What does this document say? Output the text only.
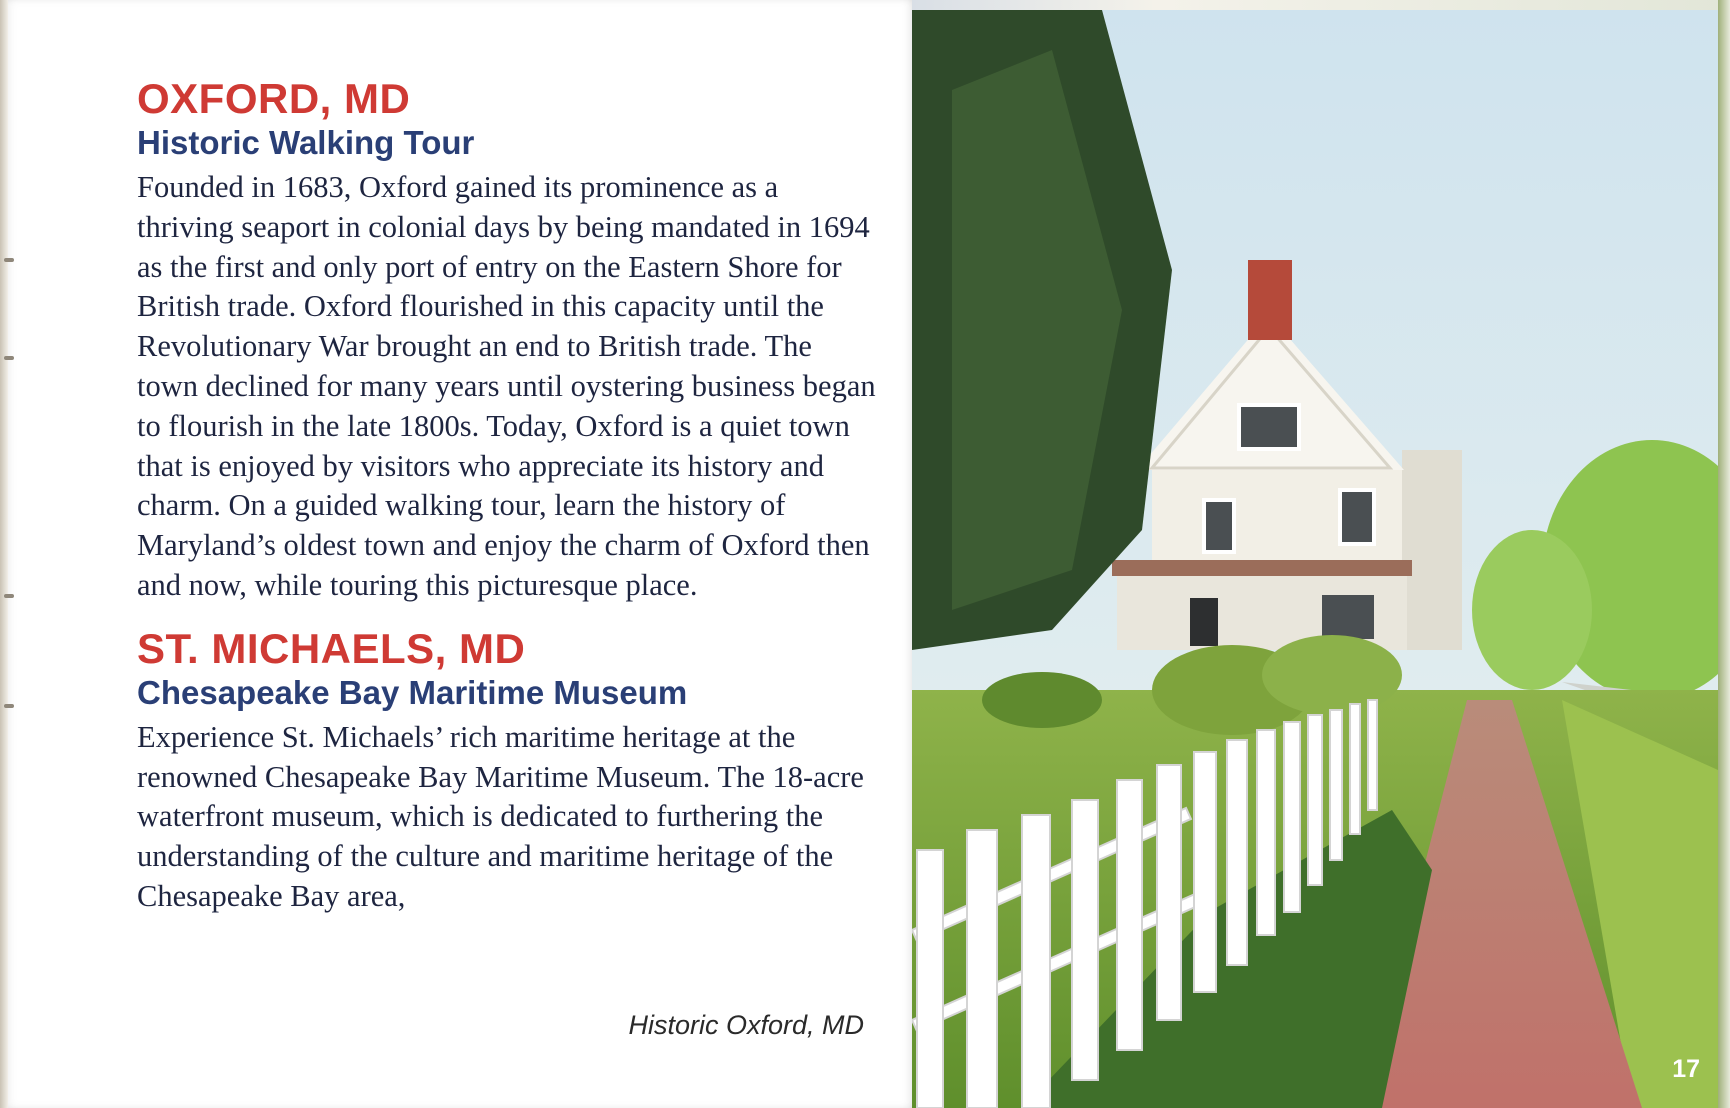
OXFORD, MD
Historic Walking Tour

Founded in 1683, Oxford gained its prominence as a thriving seaport in colonial days by being mandated in 1694 as the first and only port of entry on the Eastern Shore for British trade. Oxford flourished in this capacity until the Revolutionary War brought an end to British trade. The town declined for many years until oystering business began to flourish in the late 1800s. Today, Oxford is a quiet town that is enjoyed by visitors who appreciate its history and charm. On a guided walking tour, learn the history of Maryland’s oldest town and enjoy the charm of Oxford then and now, while touring this picturesque place.

ST. MICHAELS, MD
Chesapeake Bay Maritime Museum

Experience St. Michaels’ rich maritime heritage at the renowned Chesapeake Bay Maritime Museum. The 18-acre waterfront museum, which is dedicated to furthering the understanding of the culture and maritime heritage of the Chesapeake Bay area,

Historic Oxford, MD
17
